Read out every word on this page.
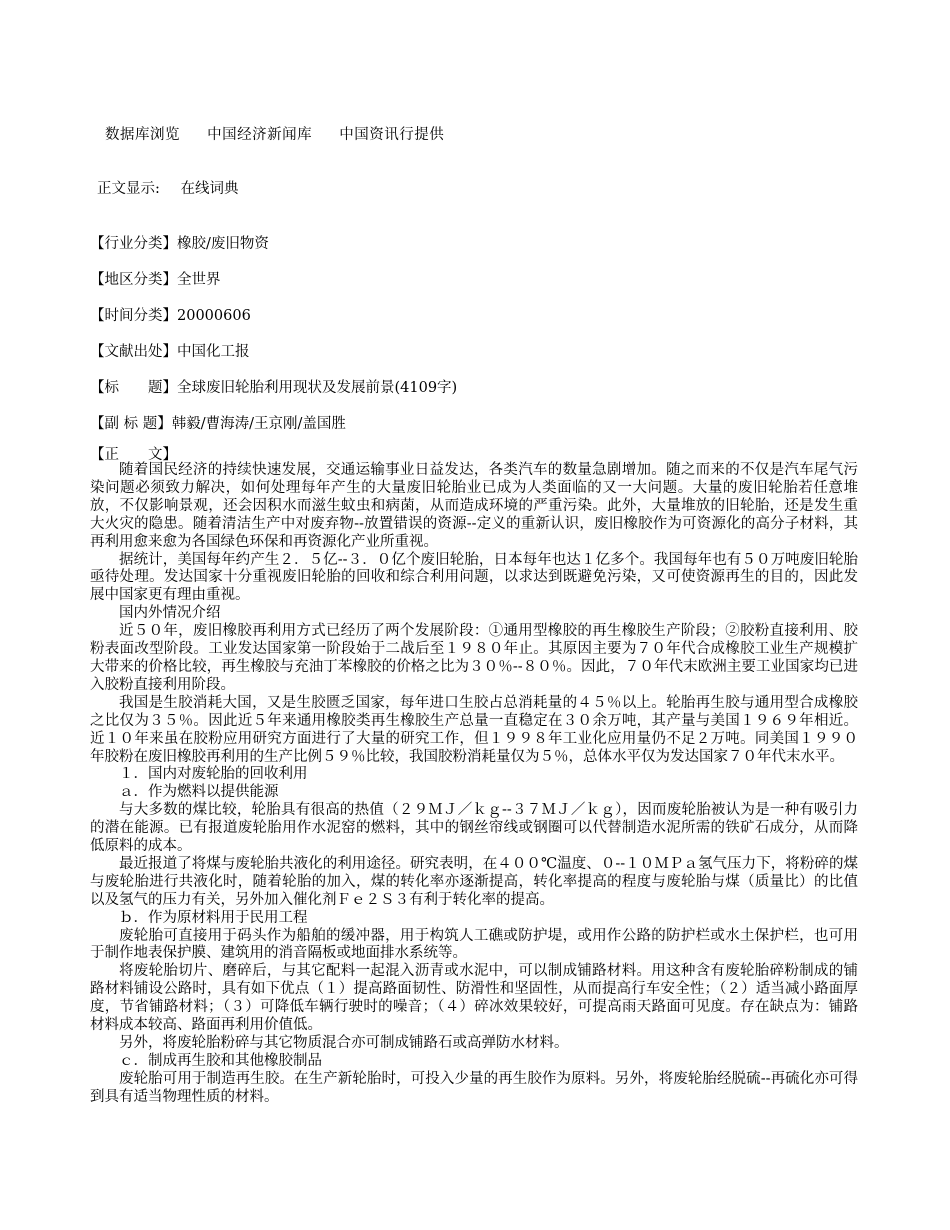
数据库浏览 中国经济新闻库 中国资讯行提供
正文显示: 在线词典
【行业分类】橡胶/废旧物资
【地区分类】全世界
【时间分类】20000606
【文献出处】中国化工报
【标　　题】全球废旧轮胎利用现状及发展前景(4109字)
【副 标 题】韩毅/曹海涛/王京刚/盖国胜
【正　　文】

随着国民经济的持续快速发展，交通运输事业日益发达，各类汽车的数量急剧增加。随之而来的不仅是汽车尾气污染问题必须致力解决，如何处理每年产生的大量废旧轮胎业已成为人类面临的又一大问题。大量的废旧轮胎若任意堆放，不仅影响景观，还会因积水而滋生蚊虫和病菌，从而造成环境的严重污染。此外，大量堆放的旧轮胎，还是发生重大火灾的隐患。随着清洁生产中对废弃物--放置错误的资源--定义的重新认识，废旧橡胶作为可资源化的高分子材料，其再利用愈来愈为各国绿色环保和再资源化产业所重视。

据统计，美国每年约产生２．５亿--３．０亿个废旧轮胎，日本每年也达１亿多个。我国每年也有５０万吨废旧轮胎亟待处理。发达国家十分重视废旧轮胎的回收和综合利用问题，以求达到既避免污染，又可使资源再生的目的，因此发展中国家更有理由重视。

国内外情况介绍

近５０年，废旧橡胶再利用方式已经历了两个发展阶段：①通用型橡胶的再生橡胶生产阶段；②胶粉直接利用、胶粉表面改型阶段。工业发达国家第一阶段始于二战后至１９８０年止。其原因主要为７０年代合成橡胶工业生产规模扩大带来的价格比较，再生橡胶与充油丁苯橡胶的价格之比为３０％--８０％。因此，７０年代末欧洲主要工业国家均已进入胶粉直接利用阶段。

我国是生胶消耗大国，又是生胶匮乏国家，每年进口生胶占总消耗量的４５％以上。轮胎再生胶与通用型合成橡胶之比仅为３５％。因此近５年来通用橡胶类再生橡胶生产总量一直稳定在３０余万吨，其产量与美国１９６９年相近。近１０年来虽在胶粉应用研究方面进行了大量的研究工作，但１９９８年工业化应用量仍不足２万吨。同美国１９９０年胶粉在废旧橡胶再利用的生产比例５９％比较，我国胶粉消耗量仅为５％，总体水平仅为发达国家７０年代末水平。

１．国内对废轮胎的回收利用

ａ．作为燃料以提供能源

与大多数的煤比较，轮胎具有很高的热值（２９ＭＪ／ｋｇ--３７ＭＪ／ｋｇ），因而废轮胎被认为是一种有吸引力的潜在能源。已有报道废轮胎用作水泥窑的燃料，其中的钢丝帘线或钢圈可以代替制造水泥所需的铁矿石成分，从而降低原料的成本。

最近报道了将煤与废轮胎共液化的利用途径。研究表明，在４００℃温度、０--１０ＭＰａ氢气压力下，将粉碎的煤与废轮胎进行共液化时，随着轮胎的加入，煤的转化率亦逐渐提高，转化率提高的程度与废轮胎与煤（质量比）的比值以及氢气的压力有关，另外加入催化剂Ｆｅ２Ｓ３有利于转化率的提高。

ｂ．作为原材料用于民用工程

废轮胎可直接用于码头作为船舶的缓冲器，用于构筑人工礁或防护堤，或用作公路的防护栏或水土保护栏，也可用于制作地表保护膜、建筑用的消音隔板或地面排水系统等。

将废轮胎切片、磨碎后，与其它配料一起混入沥青或水泥中，可以制成铺路材料。用这种含有废轮胎碎粉制成的铺路材料铺设公路时，具有如下优点（１）提高路面韧性、防滑性和坚固性，从而提高行车安全性；（２）适当减小路面厚度，节省铺路材料；（３）可降低车辆行驶时的噪音；（４）碎冰效果较好，可提高雨天路面可见度。存在缺点为：铺路材料成本较高、路面再利用价值低。

另外，将废轮胎粉碎与其它物质混合亦可制成铺路石或高弹防水材料。

ｃ．制成再生胶和其他橡胶制品

废轮胎可用于制造再生胶。在生产新轮胎时，可投入少量的再生胶作为原料。另外，将废轮胎经脱硫--再硫化亦可得到具有适当物理性质的材料。
